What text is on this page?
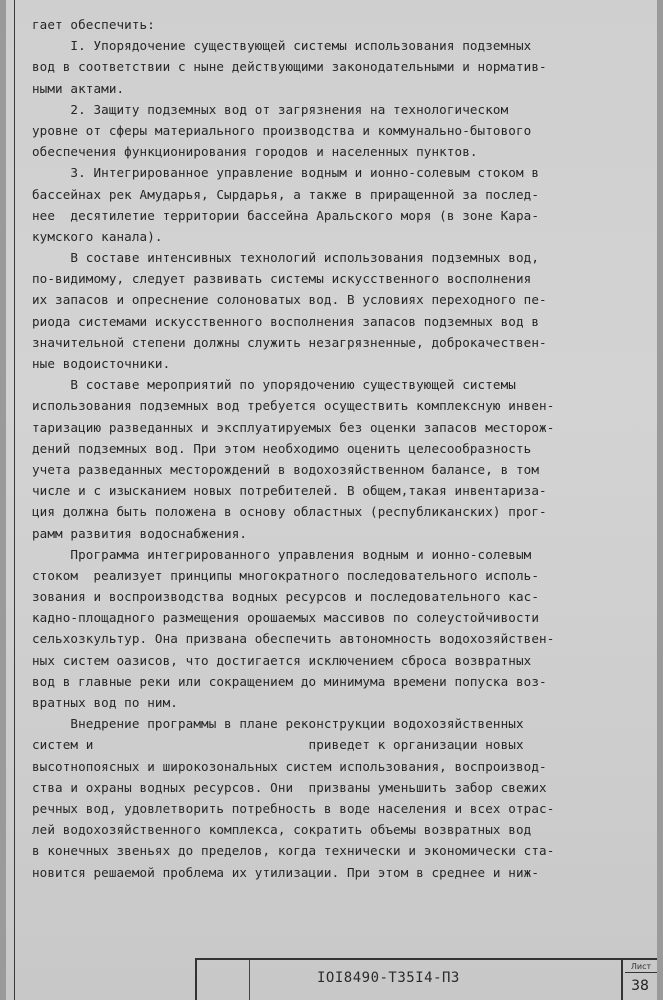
гает обеспечить:
I. Упорядочение существующей системы использования подземных
вод в соответствии с ныне действующими законодательными и норматив-
ными актами.
2. Защиту подземных вод от загрязнения на технологическом
уровне от сферы материального производства и коммунально-бытового
обеспечения функционирования городов и населенных пунктов.
3. Интегрированное управление водным и ионно-солевым стоком в
бассейнах рек Амударья, Сырдарья, а также в приращенной за послед-
нее  десятилетие территории бассейна Аральского моря (в зоне Кара-
кумского канала).
В составе интенсивных технологий использования подземных вод,
по-видимому, следует развивать системы искусственного восполнения
их запасов и опреснение солоноватых вод. В условиях переходного пе-
риода системами искусственного восполнения запасов подземных вод в
значительной степени должны служить незагрязненные, доброкачествен-
ные водоисточники.
В составе мероприятий по упорядочению существующей системы
использования подземных вод требуется осуществить комплексную инвен-
таризацию разведанных и эксплуатируемых без оценки запасов месторож-
дений подземных вод. При этом необходимо оценить целесообразность
учета разведанных месторождений в водохозяйственном балансе, в том
числе и с изысканием новых потребителей. В общем,такая инвентариза-
ция должна быть положена в основу областных (республиканских) прог-
рамм развития водоснабжения.
Программа интегрированного управления водным и ионно-солевым
стоком  реализует принципы многократного последовательного исполь-
зования и воспроизводства водных ресурсов и последовательного кас-
кадно-площадного размещения орошаемых массивов по солеустойчивости
сельхозкультур. Она призвана обеспечить автономность водохозяйствен-
ных систем оазисов, что достигается исключением сброса возвратных
вод в главные реки или сокращением до минимума времени попуска воз-
вратных вод по ним.
Внедрение программы в плане реконструкции водохозяйственных
систем и                            приведет к организации новых
высотнопоясных и широкозональных систем использования, воспроизвод-
ства и охраны водных ресурсов. Они  призваны уменьшить забор свежих
речных вод, удовлетворить потребность в воде населения и всех отрас-
лей водохозяйственного комплекса, сократить объемы возвратных вод
в конечных звеньях до пределов, когда технически и экономически ста-
новится решаемой проблема их утилизации. При этом в среднее и ниж-
IOI8490-Т35I4-ПЗ
Лист
38
